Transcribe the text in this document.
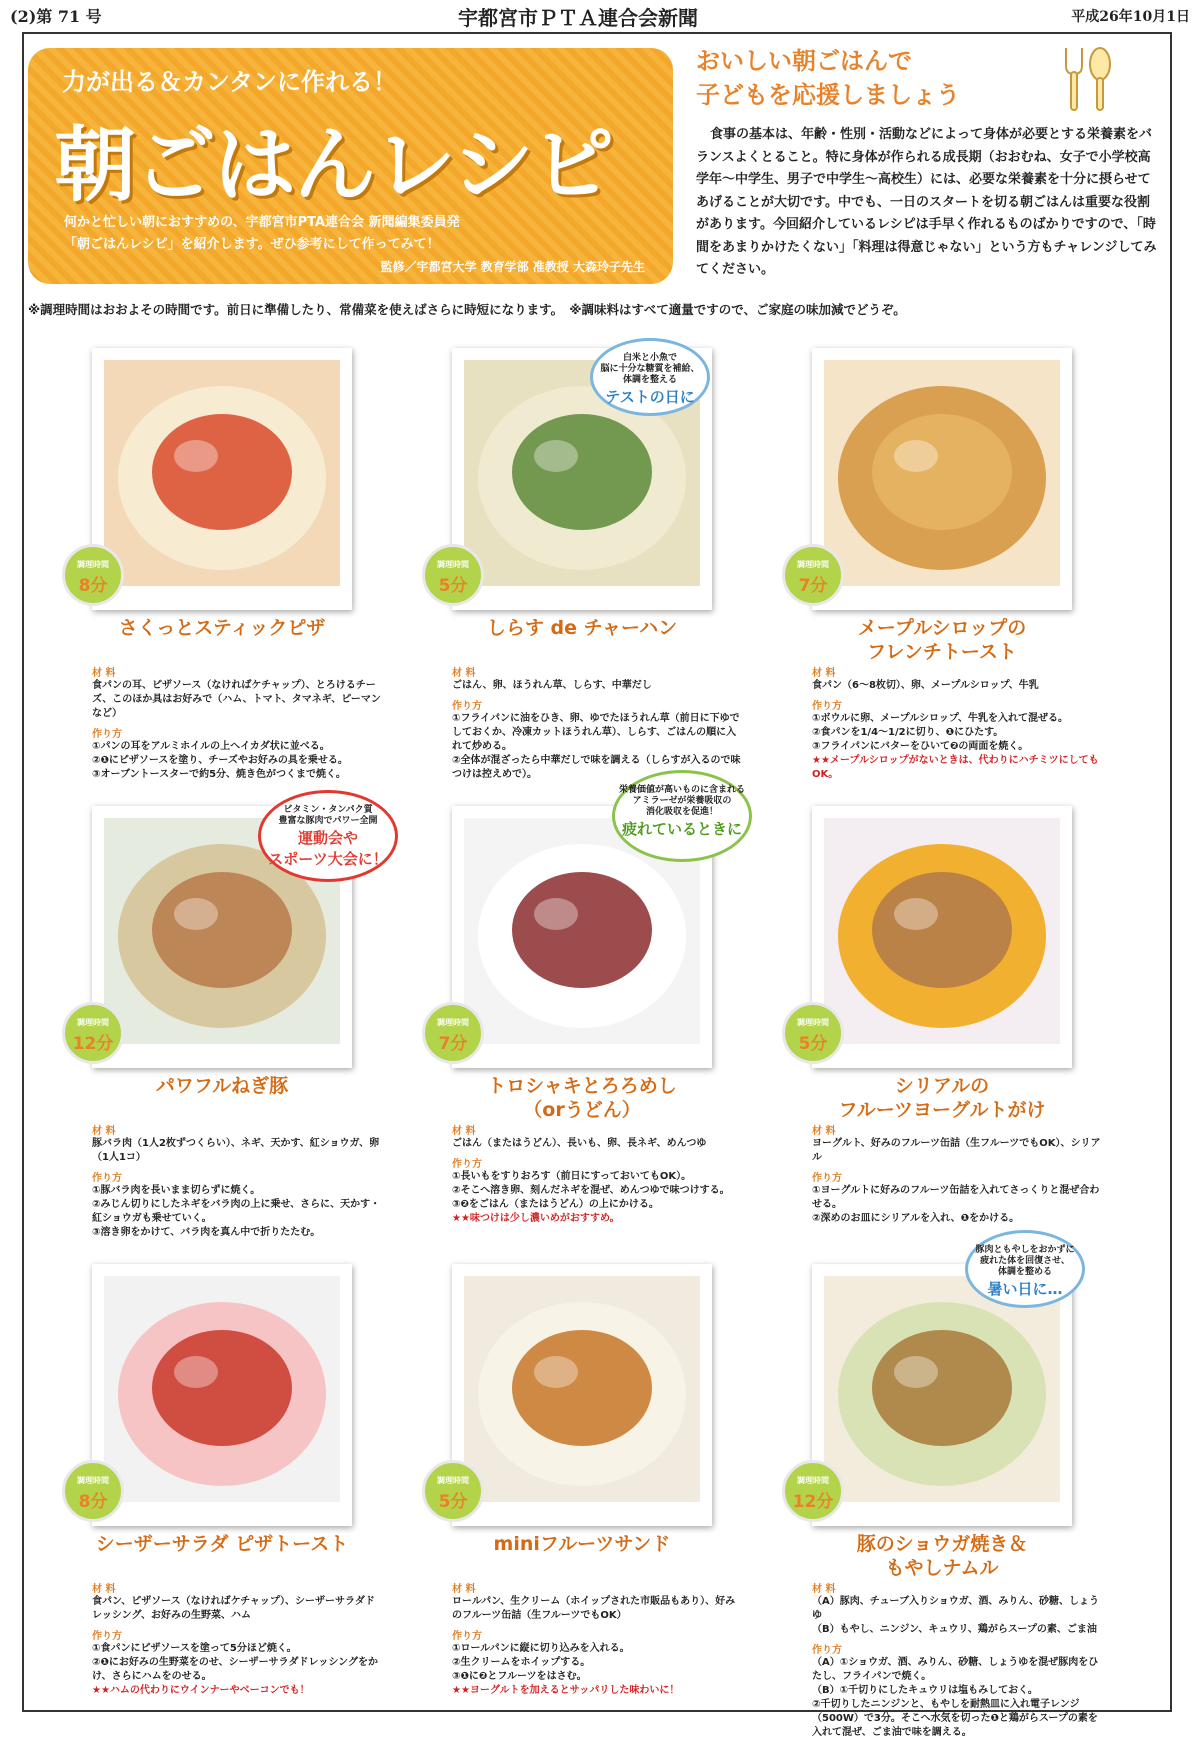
(2)第 71 号	宇都宮市ＰＴＡ連合会新聞	平成26年10月1日
力が出る＆カンタンに作れる！
朝ごはんレシピ
何かと忙しい朝におすすめの、宇都宮市PTA連合会 新聞編集委員発
「朝ごはんレシピ」を紹介します。ぜひ参考にして作ってみて！
監修／宇都宮大学 教育学部 准教授 大森玲子先生
おいしい朝ごはんで
子どもを応援しましょう
食事の基本は、年齢・性別・活動などによって身体が必要とする栄養素をバランスよくとること。特に身体が作られる成長期（おおむね、女子で小学校高学年〜中学生、男子で中学生〜高校生）には、必要な栄養素を十分に摂らせてあげることが大切です。中でも、一日のスタートを切る朝ごはんは重要な役割があります。今回紹介しているレシピは手早く作れるものばかりですので、「時間をあまりかけたくない」「料理は得意じゃない」という方もチャレンジしてみてください。
※調理時間はおおよその時間です。前日に準備したり、常備菜を使えばさらに時短になります。　※調味料はすべて適量ですので、ご家庭の味加減でどうぞ。
調理時間
8分
さくっとスティックピザ
材 料
食パンの耳、ピザソース（なければケチャップ）、とろけるチーズ、このほか具はお好みで（ハム、トマト、タマネギ、ピーマンなど）
作り方
①パンの耳をアルミホイルの上へイカダ状に並べる。
②❶にピザソースを塗り、チーズやお好みの具を乗せる。
③オーブントースターで約5分、焼き色がつくまで焼く。
調理時間
5分
しらす de チャーハン
材 料
ごはん、卵、ほうれん草、しらす、中華だし
作り方
①フライパンに油をひき、卵、ゆでたほうれん草（前日に下ゆでしておくか、冷凍カットほうれん草）、しらす、ごはんの順に入れて炒める。
②全体が混ざったら中華だしで味を調える（しらすが入るので味つけは控えめで）。
白米と小魚で
脳に十分な糖質を補給、
体調を整える
テストの日に
調理時間
7分
メープルシロップの
フレンチトースト
材 料
食パン（6〜8枚切）、卵、メープルシロップ、牛乳
作り方
①ボウルに卵、メープルシロップ、牛乳を入れて混ぜる。
②食パンを1/4〜1/2に切り、❶にひたす。
③フライパンにバターをひいて❷の両面を焼く。
★★メープルシロップがないときは、代わりにハチミツにしてもOK。
調理時間
12分
パワフルねぎ豚
材 料
豚バラ肉（1人2枚ずつくらい）、ネギ、天かす、紅ショウガ、卵（1人1コ）
作り方
①豚バラ肉を長いまま切らずに焼く。
②みじん切りにしたネギをバラ肉の上に乗せ、さらに、天かす・紅ショウガも乗せていく。
③溶き卵をかけて、バラ肉を真ん中で折りたたむ。
ビタミン・タンパク質
豊富な豚肉でパワー全開
運動会や
スポーツ大会に！
調理時間
7分
トロシャキとろろめし
（orうどん）
材 料
ごはん（またはうどん）、長いも、卵、長ネギ、めんつゆ
作り方
①長いもをすりおろす（前日にすっておいてもOK）。
②そこへ溶き卵、刻んだネギを混ぜ、めんつゆで味つけする。
③❷をごはん（またはうどん）の上にかける。
★★味つけは少し濃いめがおすすめ。
栄養価値が高いものに含まれる
アミラーゼが栄養吸収の
消化吸収を促進！
疲れているときに
調理時間
5分
シリアルの
フルーツヨーグルトがけ
材 料
ヨーグルト、好みのフルーツ缶詰（生フルーツでもOK）、シリアル
作り方
①ヨーグルトに好みのフルーツ缶詰を入れてさっくりと混ぜ合わせる。
②深めのお皿にシリアルを入れ、❶をかける。
調理時間
8分
シーザーサラダ ピザトースト
材 料
食パン、ピザソース（なければケチャップ）、シーザーサラダドレッシング、お好みの生野菜、ハム
作り方
①食パンにピザソースを塗って5分ほど焼く。
②❶にお好みの生野菜をのせ、シーザーサラダドレッシングをかけ、さらにハムをのせる。
★★ハムの代わりにウインナーやベーコンでも！
調理時間
5分
miniフルーツサンド
材 料
ロールパン、生クリーム（ホイップされた市販品もあり）、好みのフルーツ缶詰（生フルーツでもOK）
作り方
①ロールパンに縦に切り込みを入れる。
②生クリームをホイップする。
③❶に❷とフルーツをはさむ。
★★ヨーグルトを加えるとサッパリした味わいに！
調理時間
12分
豚のショウガ焼き＆
もやしナムル
材 料
（A）豚肉、チューブ入りショウガ、酒、みりん、砂糖、しょうゆ
（B）もやし、ニンジン、キュウリ、鶏がらスープの素、ごま油
作り方
（A）①ショウガ、酒、みりん、砂糖、しょうゆを混ぜ豚肉をひたし、フライパンで焼く。
（B）①千切りにしたキュウリは塩もみしておく。
②千切りしたニンジンと、もやしを耐熱皿に入れ電子レンジ（500W）で3分。そこへ水気を切った❶と鶏がらスープの素を入れて混ぜ、ごま油で味を調える。
豚肉ともやしをおかずに
疲れた体を回復させ、
体調を整める
暑い日に…
